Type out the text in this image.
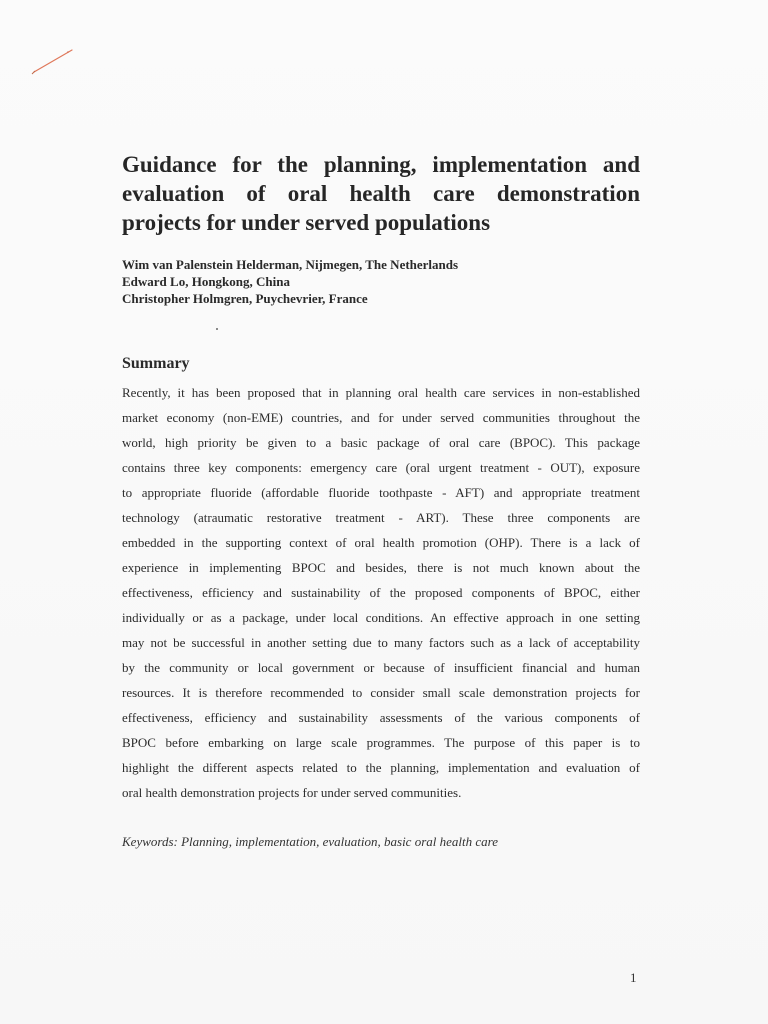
Guidance for the planning, implementation and
evaluation of oral health care demonstration
projects for under served populations
Wim van Palenstein Helderman, Nijmegen, The Netherlands
Edward Lo, Hongkong, China
Christopher Holmgren, Puychevrier, France
Summary
Recently, it has been proposed that in planning oral health care services in non-established
market economy (non-EME) countries, and for under served communities throughout the
world, high priority be given to a basic package of oral care (BPOC). This package
contains three key components: emergency care (oral urgent treatment - OUT), exposure
to appropriate fluoride (affordable fluoride toothpaste - AFT) and appropriate treatment
technology (atraumatic restorative treatment - ART). These three components are
embedded in the supporting context of oral health promotion (OHP). There is a lack of
experience in implementing BPOC and besides, there is not much known about the
effectiveness, efficiency and sustainability of the proposed components of BPOC, either
individually or as a package, under local conditions. An effective approach in one setting
may not be successful in another setting due to many factors such as a lack of acceptability
by the community or local government or because of insufficient financial and human
resources. It is therefore recommended to consider small scale demonstration projects for
effectiveness, efficiency and sustainability assessments of the various components of
BPOC before embarking on large scale programmes. The purpose of this paper is to
highlight the different aspects related to the planning, implementation and evaluation of
oral health demonstration projects for under served communities.
Keywords: Planning, implementation, evaluation, basic oral health care
1
